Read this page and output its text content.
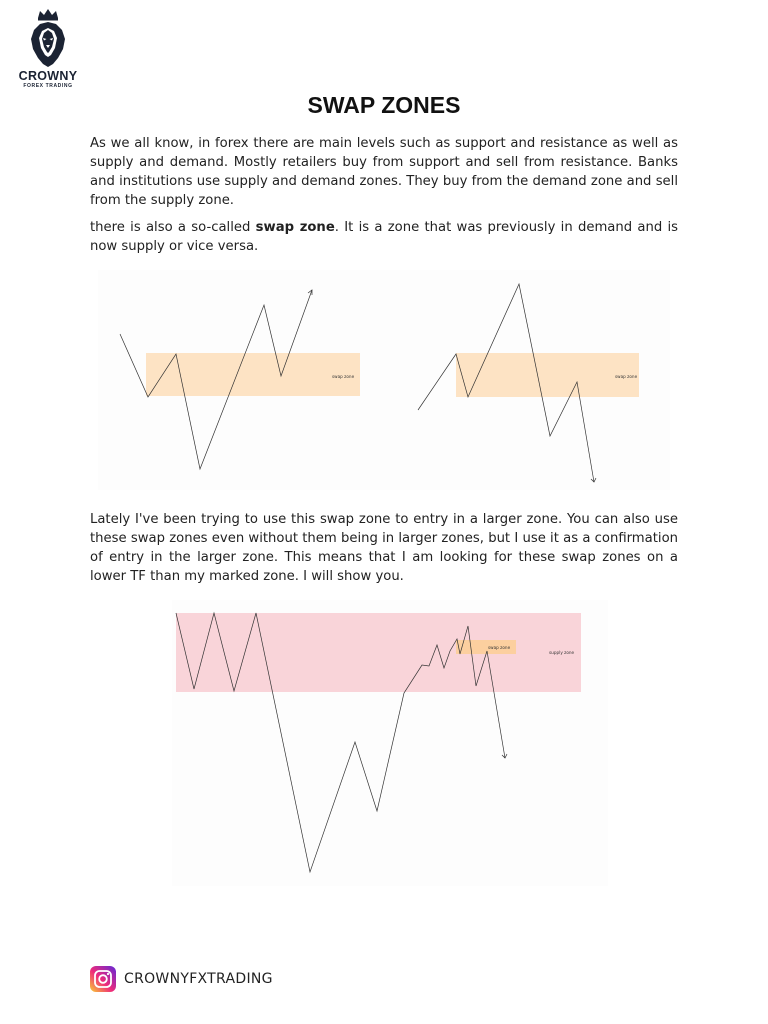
CROWNY
FOREX TRADING
SWAP ZONES

As we all know, in forex there are main levels such as support and resistance as well as supply and demand. Mostly retailers buy from support and sell from resistance. Banks and institutions use supply and demand zones. They buy from the demand zone and sell from the supply zone.

there is also a so-called swap zone. It is a zone that was previously in demand and is now supply or vice versa.

swap zone	swap zone

Lately I've been trying to use this swap zone to entry in a larger zone. You can also use these swap zones even without them being in larger zones, but I use it as a confirmation of entry in the larger zone. This means that I am looking for these swap zones on a lower TF than my marked zone. I will show you.

swap zone
supply zone
CROWNYFXTRADING
